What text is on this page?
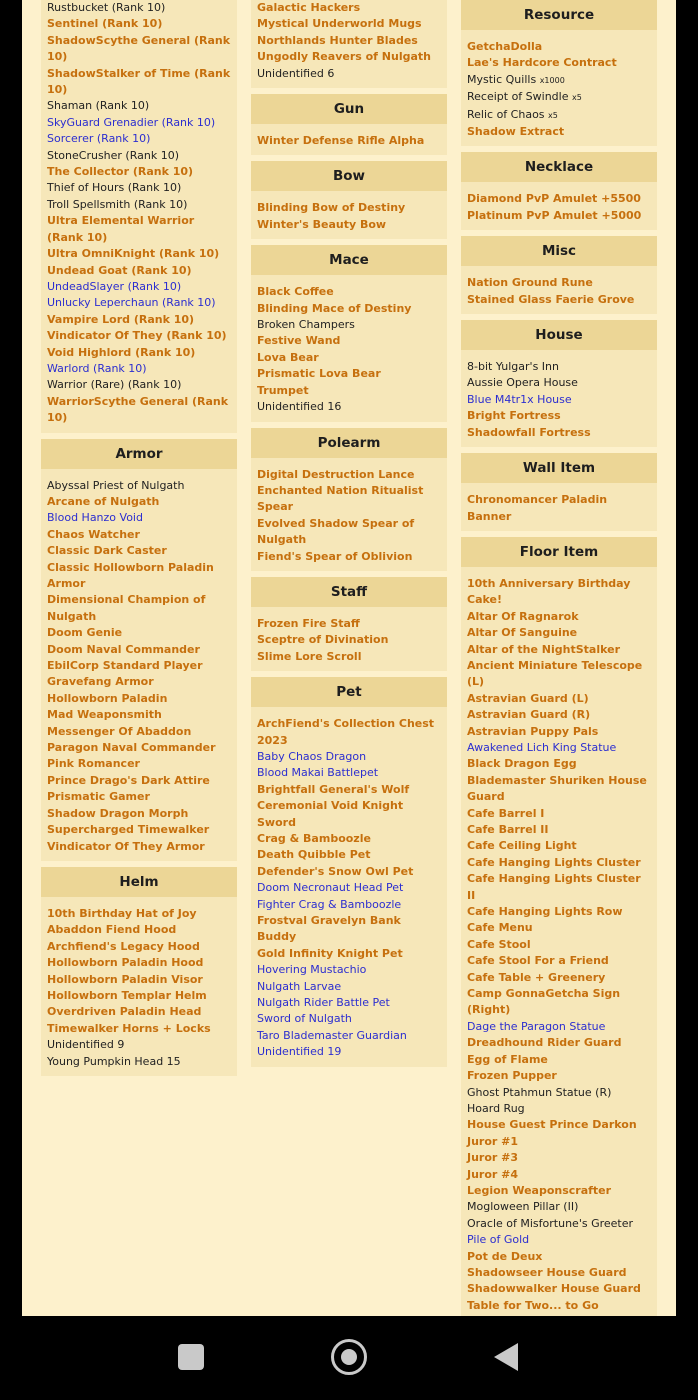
Rustbucket (Rank 10)
Sentinel (Rank 10)
ShadowScythe General (Rank 10)
ShadowStalker of Time (Rank 10)
Shaman (Rank 10)
SkyGuard Grenadier (Rank 10)
Sorcerer (Rank 10)
StoneCrusher (Rank 10)
The Collector (Rank 10)
Thief of Hours (Rank 10)
Troll Spellsmith (Rank 10)
Ultra Elemental Warrior (Rank 10)
Ultra OmniKnight (Rank 10)
Undead Goat (Rank 10)
UndeadSlayer (Rank 10)
Unlucky Leperchaun (Rank 10)
Vampire Lord (Rank 10)
Vindicator Of They (Rank 10)
Void Highlord (Rank 10)
Warlord (Rank 10)
Warrior (Rare) (Rank 10)
WarriorScythe General (Rank 10)
Armor
Abyssal Priest of Nulgath
Arcane of Nulgath
Blood Hanzo Void
Chaos Watcher
Classic Dark Caster
Classic Hollowborn Paladin Armor
Dimensional Champion of Nulgath
Doom Genie
Doom Naval Commander
EbilCorp Standard Player
Gravefang Armor
Hollowborn Paladin
Mad Weaponsmith
Messenger Of Abaddon
Paragon Naval Commander
Pink Romancer
Prince Drago's Dark Attire
Prismatic Gamer
Shadow Dragon Morph
Supercharged Timewalker
Vindicator Of They Armor
Helm
10th Birthday Hat of Joy
Abaddon Fiend Hood
Archfiend's Legacy Hood
Hollowborn Paladin Hood
Hollowborn Paladin Visor
Hollowborn Templar Helm
Overdriven Paladin Head
Timewalker Horns + Locks
Unidentified 9
Young Pumpkin Head 15
Galactic Hackers
Mystical Underworld Mugs
Northlands Hunter Blades
Ungodly Reavers of Nulgath
Unidentified 6
Gun
Winter Defense Rifle Alpha
Bow
Blinding Bow of Destiny
Winter's Beauty Bow
Mace
Black Coffee
Blinding Mace of Destiny
Broken Champers
Festive Wand
Lova Bear
Prismatic Lova Bear
Trumpet
Unidentified 16
Polearm
Digital Destruction Lance
Enchanted Nation Ritualist Spear
Evolved Shadow Spear of Nulgath
Fiend's Spear of Oblivion
Staff
Frozen Fire Staff
Sceptre of Divination
Slime Lore Scroll
Pet
ArchFiend's Collection Chest 2023
Baby Chaos Dragon
Blood Makai Battlepet
Brightfall General's Wolf
Ceremonial Void Knight Sword
Crag & Bamboozle
Death Quibble Pet
Defender's Snow Owl Pet
Doom Necronaut Head Pet
Fighter Crag & Bamboozle
Frostval Gravelyn Bank Buddy
Gold Infinity Knight Pet
Hovering Mustachio
Nulgath Larvae
Nulgath Rider Battle Pet
Sword of Nulgath
Taro Blademaster Guardian
Unidentified 19
Resource
GetchaDolla
Lae's Hardcore Contract
Mystic Quills x1000
Receipt of Swindle x5
Relic of Chaos x5
Shadow Extract
Necklace
Diamond PvP Amulet +5500
Platinum PvP Amulet +5000
Misc
Nation Ground Rune
Stained Glass Faerie Grove
House
8-bit Yulgar's Inn
Aussie Opera House
Blue M4tr1x House
Bright Fortress
Shadowfall Fortress
Wall Item
Chronomancer Paladin Banner
Floor Item
10th Anniversary Birthday Cake!
Altar Of Ragnarok
Altar Of Sanguine
Altar of the NightStalker
Ancient Miniature Telescope (L)
Astravian Guard (L)
Astravian Guard (R)
Astravian Puppy Pals
Awakened Lich King Statue
Black Dragon Egg
Blademaster Shuriken House Guard
Cafe Barrel I
Cafe Barrel II
Cafe Ceiling Light
Cafe Hanging Lights Cluster
Cafe Hanging Lights Cluster II
Cafe Hanging Lights Row
Cafe Menu
Cafe Stool
Cafe Stool For a Friend
Cafe Table + Greenery
Camp GonnaGetcha Sign (Right)
Dage the Paragon Statue
Dreadhound Rider Guard
Egg of Flame
Frozen Pupper
Ghost Ptahmun Statue (R)
Hoard Rug
House Guest Prince Darkon
Juror #1
Juror #3
Juror #4
Legion Weaponscrafter
Mogloween Pillar (II)
Oracle of Misfortune's Greeter
Pile of Gold
Pot de Deux
Shadowseer House Guard
Shadowwalker House Guard
Table for Two... to Go
